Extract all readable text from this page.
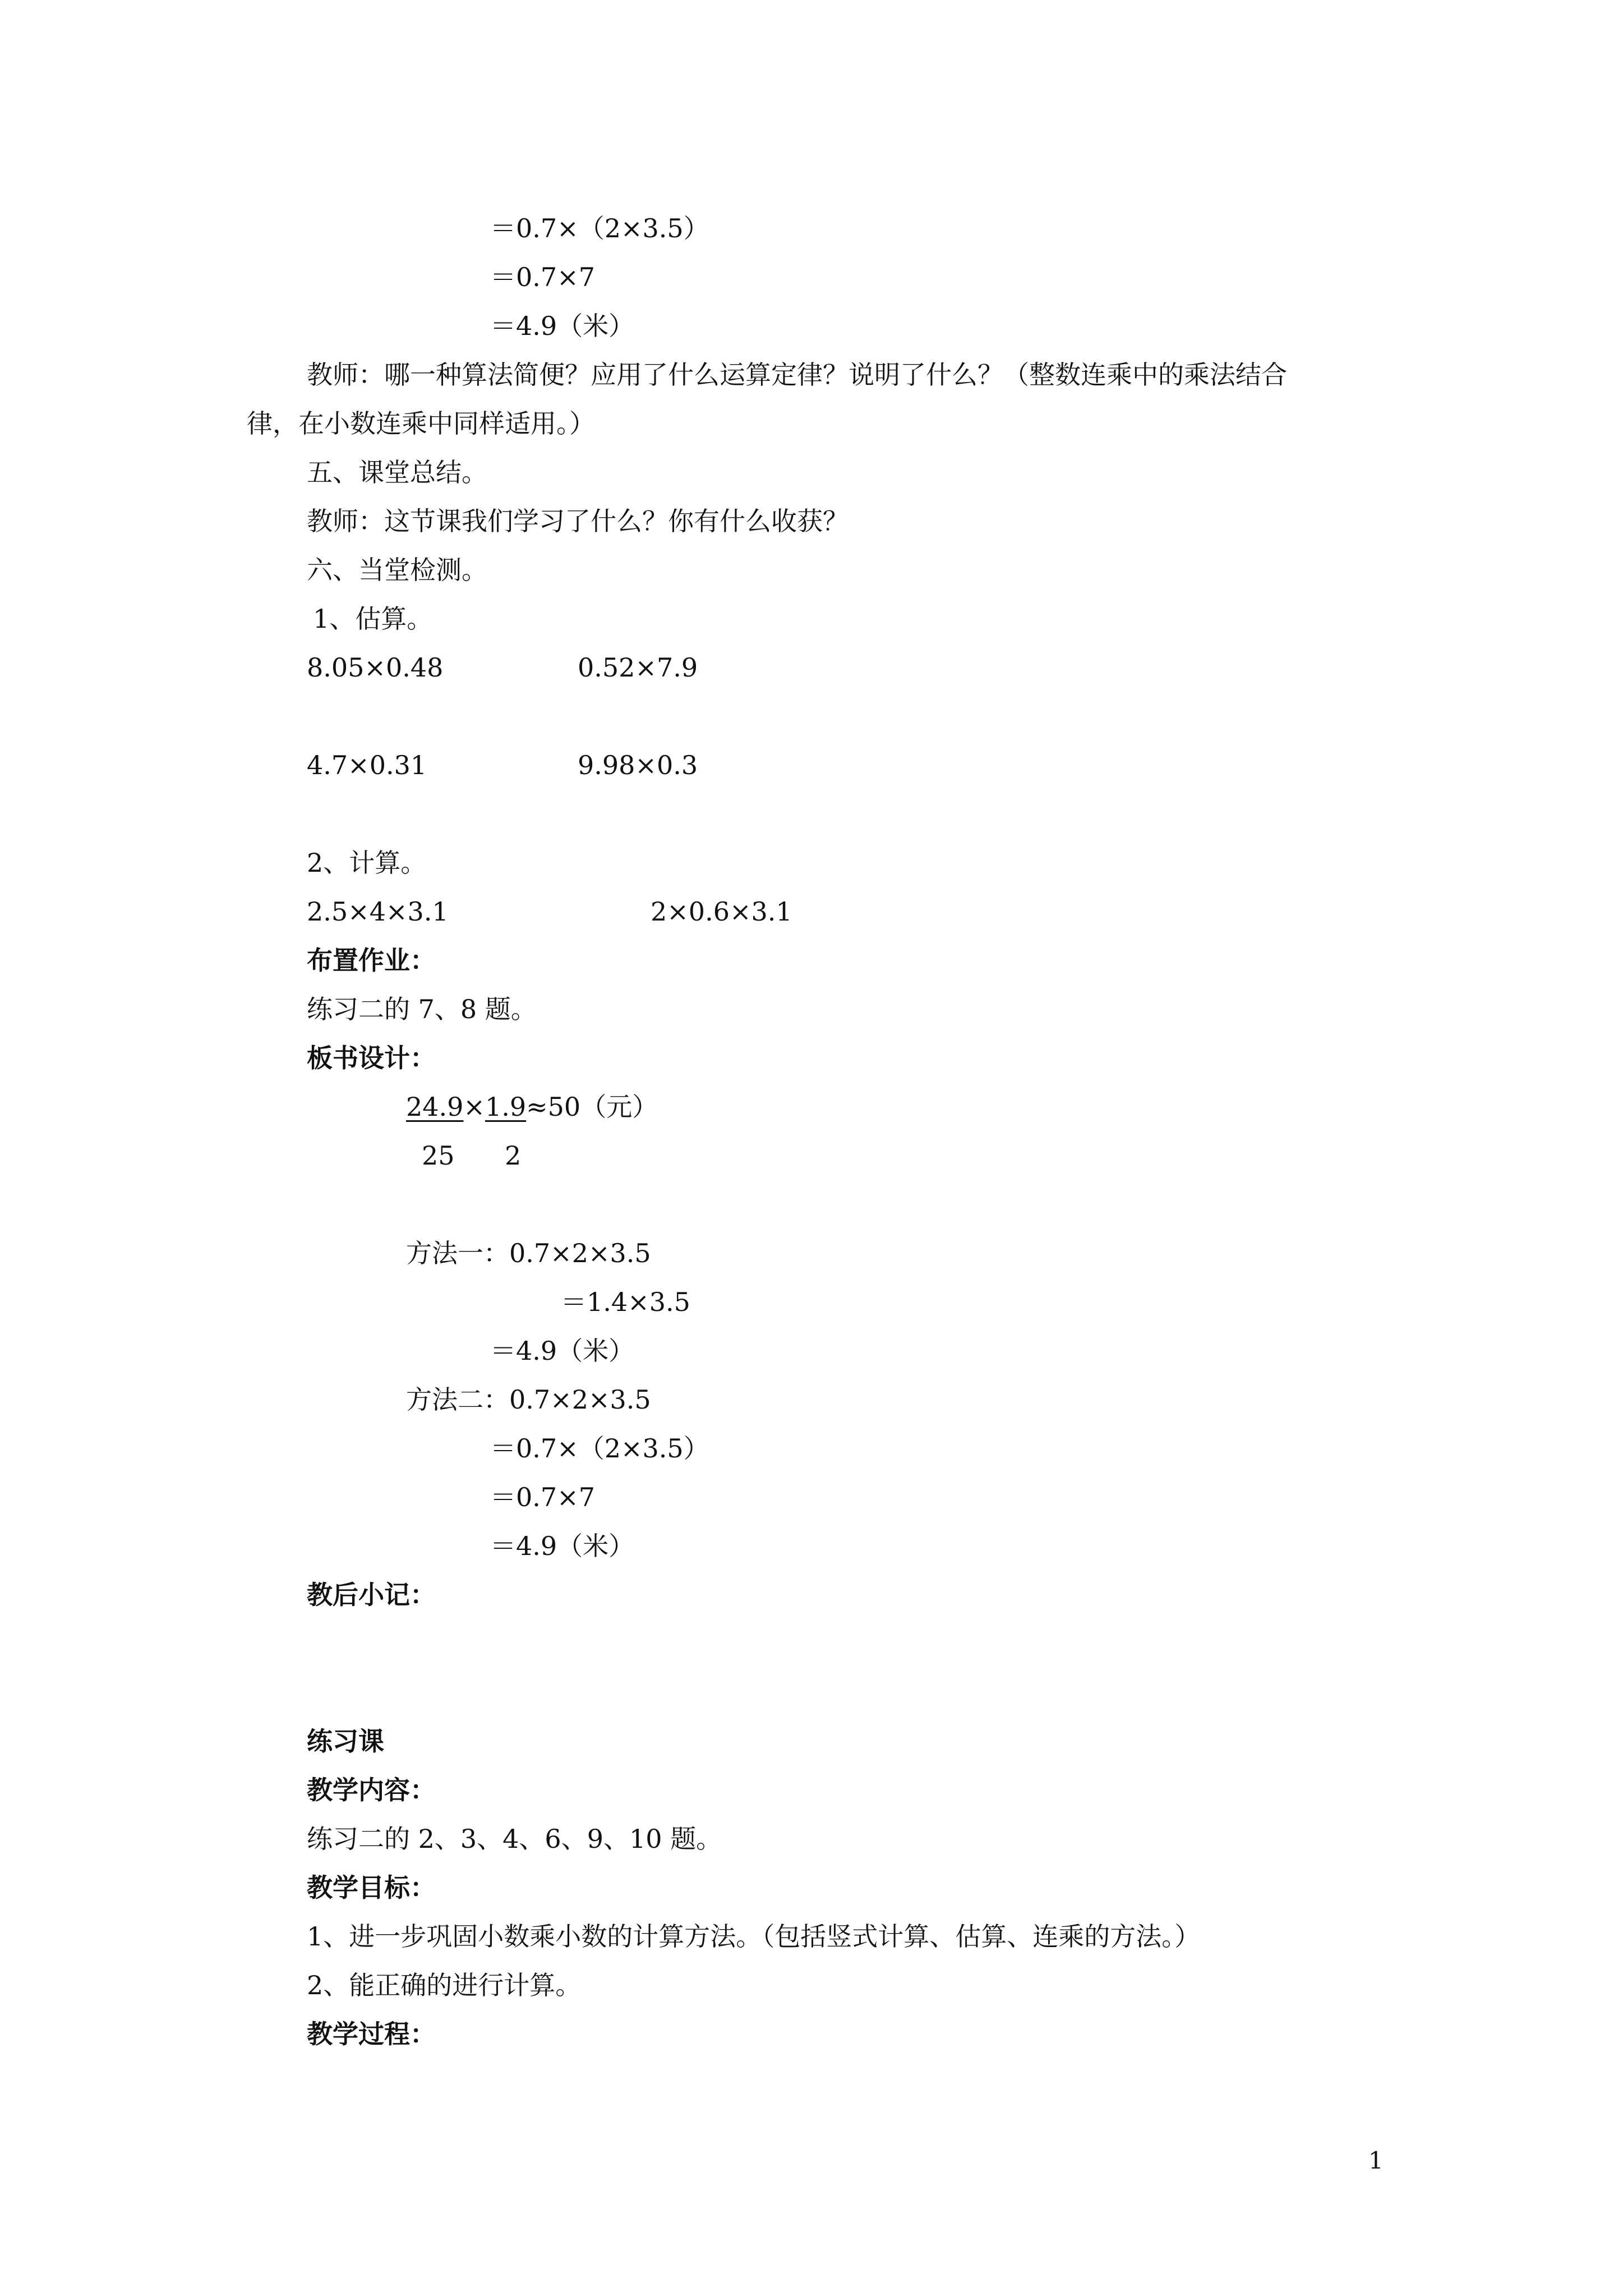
＝0.7×（2×3.5）
＝0.7×7
＝4.9（米）
教师：哪一种算法简便？应用了什么运算定律？说明了什么？（整数连乘中的乘法结合
律，在小数连乘中同样适用。）
五、课堂总结。
教师：这节课我们学习了什么？你有什么收获？
六、当堂检测。
1、估算。
8.05×0.48	0.52×7.9
4.7×0.31	9.98×0.3
2、计算。
2.5×4×3.1	2×0.6×3.1
布置作业：
练习二的 7、8 题。
板书设计：
24.9×1.9≈50（元）
25 2
方法一：0.7×2×3.5
＝1.4×3.5
＝4.9（米）
方法二：0.7×2×3.5
＝0.7×（2×3.5）
＝0.7×7
＝4.9（米）
教后小记：
练习课
教学内容：
练习二的 2、3、4、6、9、10 题。
教学目标：
1、进一步巩固小数乘小数的计算方法。（包括竖式计算、估算、连乘的方法。）
2、能正确的进行计算。
教学过程：
1
